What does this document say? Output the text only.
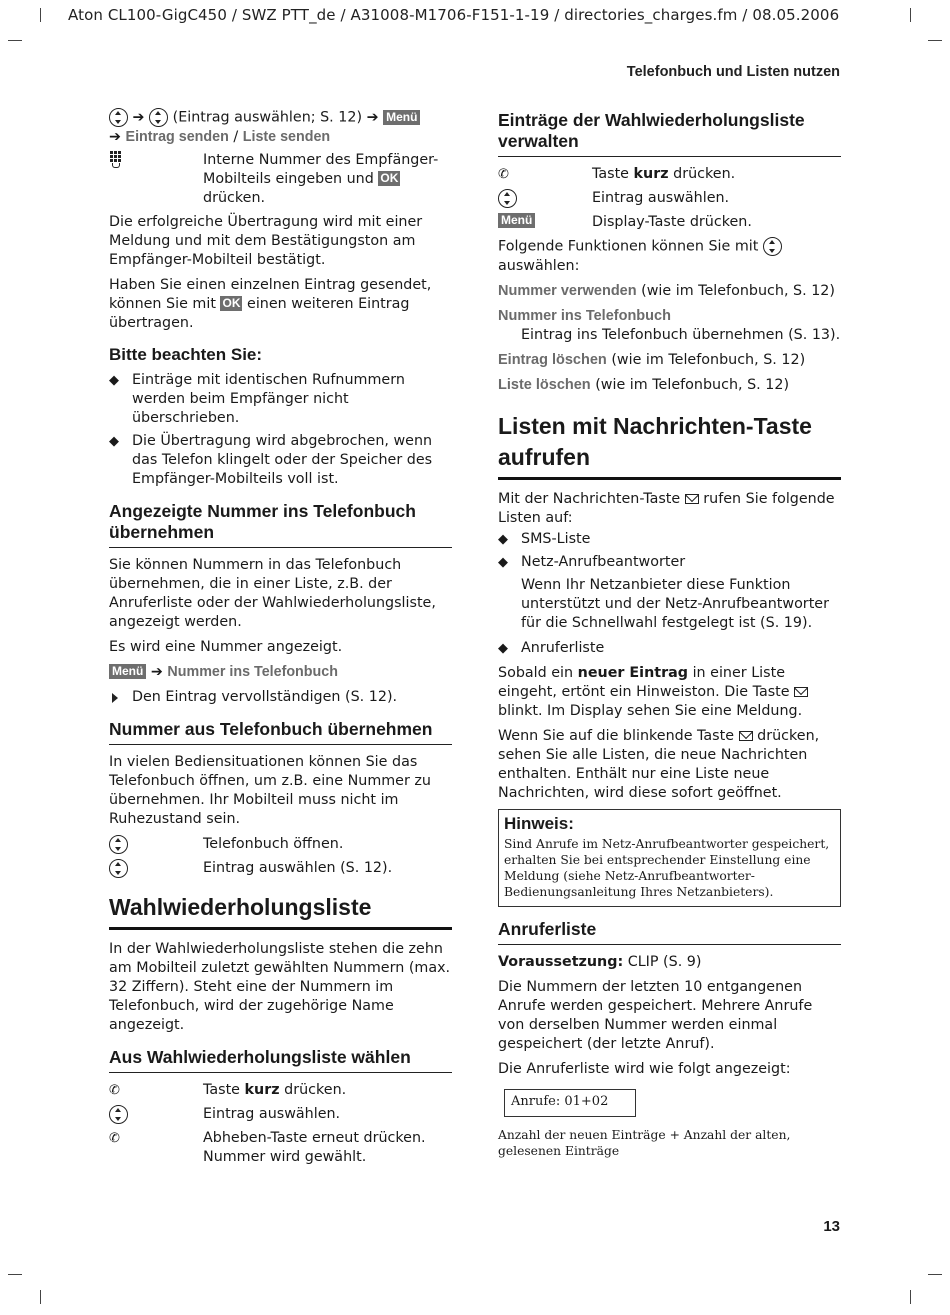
Aton CL100-GigC450 / SWZ PTT_de / A31008-M1706-F151-1-19 / directories_charges.fm / 08.05.2006
Telefonbuch und Listen nutzen
➔ (Eintrag auswählen; S. 12) ➔ Menü
➔ Eintrag senden / Liste senden
Interne Nummer des Empfänger-Mobilteils eingeben und OK drücken.
Die erfolgreiche Übertragung wird mit einer Meldung und mit dem Bestätigungston am Empfänger-Mobilteil bestätigt.
Haben Sie einen einzelnen Eintrag gesendet, können Sie mit OK einen weiteren Eintrag übertragen.
Bitte beachten Sie:
◆ Einträge mit identischen Rufnummern werden beim Empfänger nicht überschrieben.
◆ Die Übertragung wird abgebrochen, wenn das Telefon klingelt oder der Speicher des Empfänger-Mobilteils voll ist.
Angezeigte Nummer ins Telefonbuch übernehmen
Sie können Nummern in das Telefonbuch übernehmen, die in einer Liste, z.B. der Anruferliste oder der Wahlwiederholungsliste, angezeigt werden.
Es wird eine Nummer angezeigt.
Menü ➔ Nummer ins Telefonbuch
Den Eintrag vervollständigen (S. 12).
Nummer aus Telefonbuch übernehmen
In vielen Bediensituationen können Sie das Telefonbuch öffnen, um z.B. eine Nummer zu übernehmen. Ihr Mobilteil muss nicht im Ruhezustand sein.
Telefonbuch öffnen.
Eintrag auswählen (S. 12).
Wahlwiederholungsliste
In der Wahlwiederholungsliste stehen die zehn am Mobilteil zuletzt gewählten Nummern (max. 32 Ziffern). Steht eine der Nummern im Telefonbuch, wird der zugehörige Name angezeigt.
Aus Wahlwiederholungsliste wählen
✆	Taste kurz drücken.
Eintrag auswählen.
✆	Abheben-Taste erneut drücken. Nummer wird gewählt.
Einträge der Wahlwiederholungsliste verwalten
✆	Taste kurz drücken.
Eintrag auswählen.
Menü	Display-Taste drücken.
Folgende Funktionen können Sie mit  auswählen:
Nummer verwenden (wie im Telefonbuch, S. 12)
Nummer ins Telefonbuch
Eintrag ins Telefonbuch übernehmen (S. 13).
Eintrag löschen (wie im Telefonbuch, S. 12)
Liste löschen (wie im Telefonbuch, S. 12)
Listen mit Nachrichten-Taste aufrufen
Mit der Nachrichten-Taste rufen Sie folgende Listen auf:
◆ SMS-Liste
◆ Netz-Anrufbeantworter
Wenn Ihr Netzanbieter diese Funktion unterstützt und der Netz-Anrufbeantworter für die Schnellwahl festgelegt ist (S. 19).
◆ Anruferliste
Sobald ein neuer Eintrag in einer Liste eingeht, ertönt ein Hinweiston. Die Taste  blinkt. Im Display sehen Sie eine Meldung.
Wenn Sie auf die blinkende Taste drücken, sehen Sie alle Listen, die neue Nachrichten enthalten. Enthält nur eine Liste neue Nachrichten, wird diese sofort geöffnet.
Hinweis:
Sind Anrufe im Netz-Anrufbeantworter gespeichert, erhalten Sie bei entsprechender Einstellung eine Meldung (siehe Netz-Anrufbeantworter-Bedienungsanleitung Ihres Netzanbieters).
Anruferliste
Voraussetzung: CLIP (S. 9)
Die Nummern der letzten 10 entgangenen Anrufe werden gespeichert. Mehrere Anrufe von derselben Nummer werden einmal gespeichert (der letzte Anruf).
Die Anruferliste wird wie folgt angezeigt:
Anrufe: 01+02
Anzahl der neuen Einträge + Anzahl der alten, gelesenen Einträge
13
